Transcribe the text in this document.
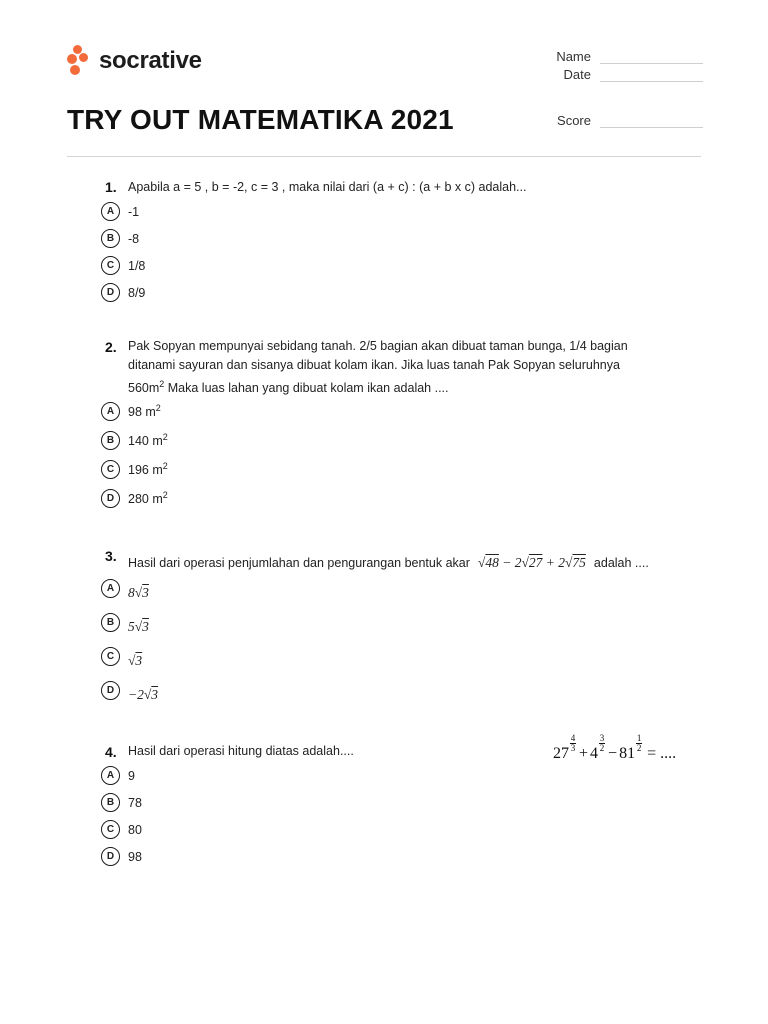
socrative
TRY OUT MATEMATIKA 2021
Name
Date
Score
1. Apabila a = 5 , b = -2, c = 3 , maka nilai dari (a + c) : (a + b x c) adalah...
A	-1
B	-8
C	1/8
D	8/9
2. Pak Sopyan mempunyai sebidang tanah. 2/5 bagian akan dibuat taman bunga, 1/4 bagian
ditanami sayuran dan sisanya dibuat kolam ikan. Jika luas tanah Pak Sopyan seluruhnya
$560m^2$ Maka luas lahan yang dibuat kolam ikan adalah ....
A	98 $m^2$
B	140 $m^2$
C	196 $m^2$
D	280 $m^2$
3. Hasil dari operasi penjumlahan dan pengurangan bentuk akar √48 − 2√27 + 2√75 adalah ....
A	8√3
B	5√3
C	√3
D	−2√3
4. Hasil dari operasi hitung diatas adalah....	27
$\frac{4}{3}$
+ 4
$\frac{3}{2}$
− 81
$\frac{1}{2}$
= ....
A	9
B	78
C	80
D	98
